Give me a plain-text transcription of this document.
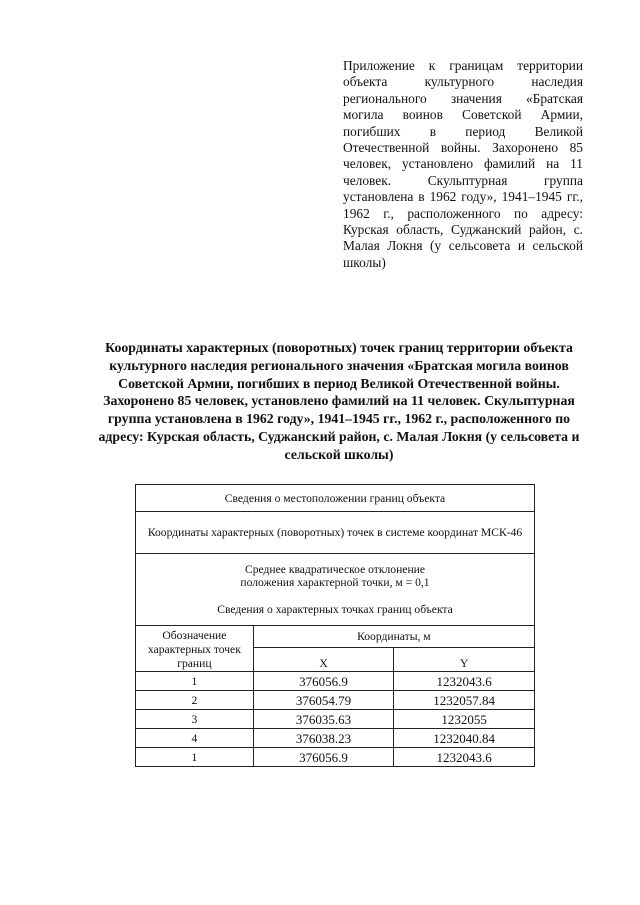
Приложение к границам территории объекта культурного наследия регионального значения «Братская могила воинов Советской Армии, погибших в период Великой Отечественной войны. Захоронено 85 человек, установлено фамилий на 11 человек. Скульптурная группа установлена в 1962 году», 1941–1945 гг., 1962 г., расположенного по адресу: Курская область, Суджанский район, с. Малая Локня (у сельсовета и сельской школы)
Координаты характерных (поворотных) точек границ территории объекта культурного наследия регионального значения «Братская могила воинов Советской Армии, погибших в период Великой Отечественной войны. Захоронено 85 человек, установлено фамилий на 11 человек. Скульптурная группа установлена в 1962 году», 1941–1945 гг., 1962 г., расположенного по адресу: Курская область, Суджанский район, с. Малая Локня (у сельсовета и сельской школы)
Сведения о местоположении границ объекта		
Координаты характерных (поворотных) точек в системе координат МСК-46		

Среднее квадратическое отклонение
положения характерной точки, м = 0,1
Сведения о характерных точках границ объекта		

Обозначение характерных точек границ	Координаты, м	
	X	Y
1	376056.9	1232043.6
2	376054.79	1232057.84
3	376035.63	1232055
4	376038.23	1232040.84
1	376056.9	1232043.6
